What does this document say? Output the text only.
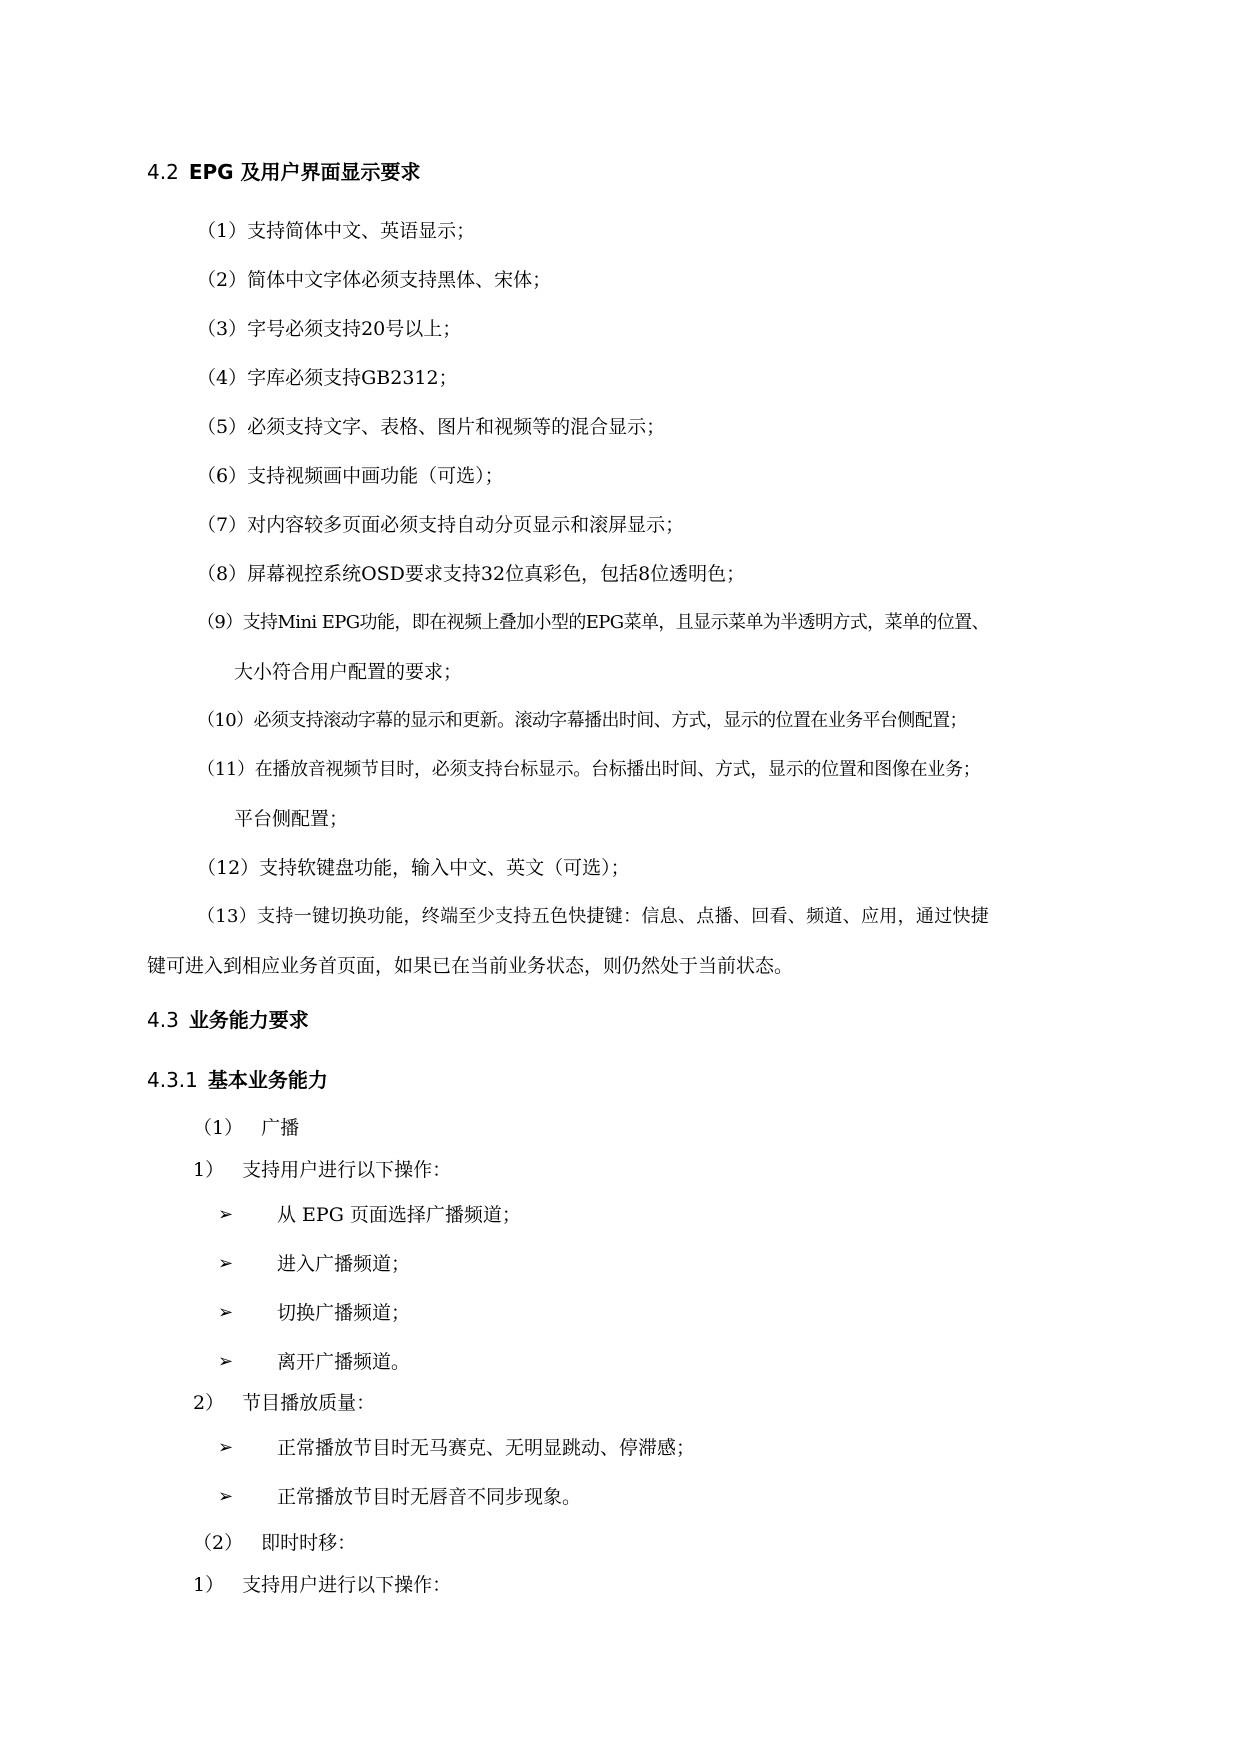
4.2 EPG 及用户界面显示要求
（1）支持简体中文、英语显示；
（2）简体中文字体必须支持黑体、宋体；
（3）字号必须支持20号以上；
（4）字库必须支持GB2312；
（5）必须支持文字、表格、图片和视频等的混合显示；
（6）支持视频画中画功能（可选）；
（7）对内容较多页面必须支持自动分页显示和滚屏显示；
（8）屏幕视控系统OSD要求支持32位真彩色，包括8位透明色；
（9）支持Mini EPG功能，即在视频上叠加小型的EPG菜单，且显示菜单为半透明方式，菜单的位置、
大小符合用户配置的要求；
（10）必须支持滚动字幕的显示和更新。滚动字幕播出时间、方式，显示的位置在业务平台侧配置；
（11）在播放音视频节目时，必须支持台标显示。台标播出时间、方式，显示的位置和图像在业务；
平台侧配置；
（12）支持软键盘功能，输入中文、英文（可选）；
（13）支持一键切换功能，终端至少支持五色快捷键：信息、点播、回看、频道、应用，通过快捷
键可进入到相应业务首页面，如果已在当前业务状态，则仍然处于当前状态。
4.3 业务能力要求
4.3.1 基本业务能力
（1） 广播
1） 支持用户进行以下操作：
➢ 从 EPG 页面选择广播频道；
➢ 进入广播频道；
➢ 切换广播频道；
➢ 离开广播频道。
2） 节目播放质量：
➢ 正常播放节目时无马赛克、无明显跳动、停滞感；
➢ 正常播放节目时无唇音不同步现象。
（2） 即时时移：
1） 支持用户进行以下操作：
